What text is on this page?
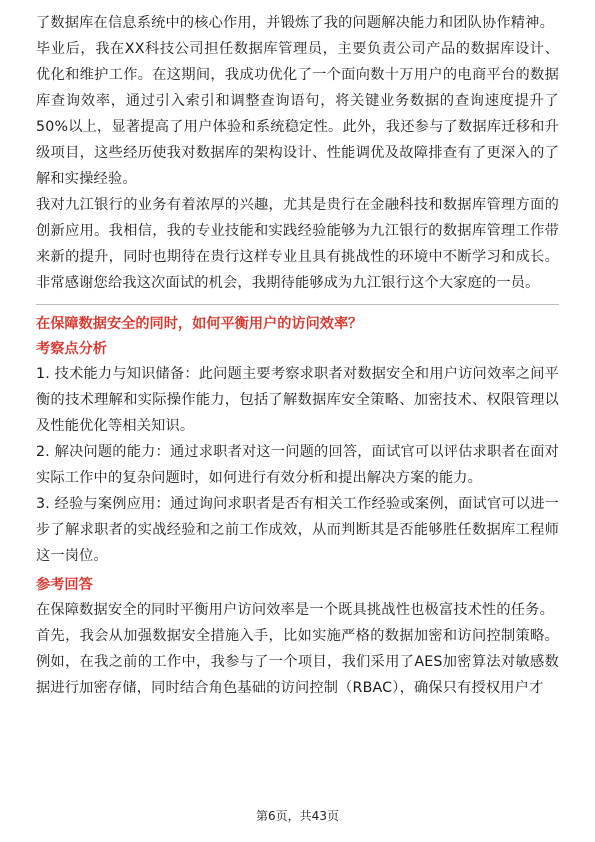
了数据库在信息系统中的核心作用，并锻炼了我的问题解决能力和团队协作精神。

毕业后，我在XX科技公司担任数据库管理员，主要负责公司产品的数据库设计、优化和维护工作。在这期间，我成功优化了一个面向数十万用户的电商平台的数据库查询效率，通过引入索引和调整查询语句，将关键业务数据的查询速度提升了50%以上，显著提高了用户体验和系统稳定性。此外，我还参与了数据库迁移和升级项目，这些经历使我对数据库的架构设计、性能调优及故障排查有了更深入的了解和实操经验。

我对九江银行的业务有着浓厚的兴趣，尤其是贵行在金融科技和数据库管理方面的创新应用。我相信，我的专业技能和实践经验能够为九江银行的数据库管理工作带来新的提升，同时也期待在贵行这样专业且具有挑战性的环境中不断学习和成长。非常感谢您给我这次面试的机会，我期待能够成为九江银行这个大家庭的一员。

在保障数据安全的同时，如何平衡用户的访问效率？

考察点分析

1. 技术能力与知识储备：此问题主要考察求职者对数据安全和用户访问效率之间平衡的技术理解和实际操作能力，包括了解数据库安全策略、加密技术、权限管理以及性能优化等相关知识。

2. 解决问题的能力：通过求职者对这一问题的回答，面试官可以评估求职者在面对实际工作中的复杂问题时，如何进行有效分析和提出解决方案的能力。

3. 经验与案例应用：通过询问求职者是否有相关工作经验或案例，面试官可以进一步了解求职者的实战经验和之前工作成效，从而判断其是否能够胜任数据库工程师这一岗位。

参考回答

在保障数据安全的同时平衡用户访问效率是一个既具挑战性也极富技术性的任务。

首先，我会从加强数据安全措施入手，比如实施严格的数据加密和访问控制策略。例如，在我之前的工作中，我参与了一个项目，我们采用了AES加密算法对敏感数据进行加密存储，同时结合角色基础的访问控制（RBAC），确保只有授权用户才

第6页，共43页
